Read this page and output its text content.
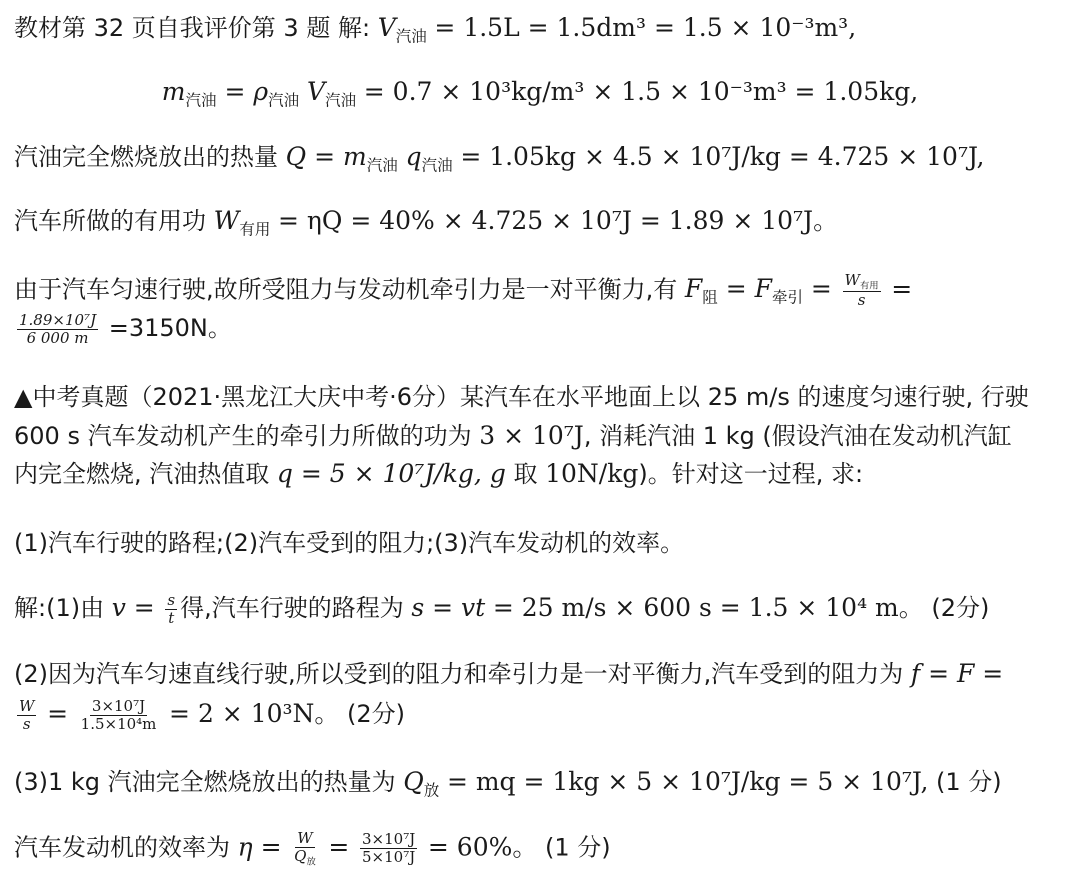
教材第 32 页自我评价第 3 题 解: $V_{汽油} = 1.5L = 1.5dm^3 = 1.5 \times 10^{-3}m^3$,
$m_{汽油} = \rho_{汽油}$ $V_{汽油} = 0.7 \times 10^3kg/m^3 \times 1.5 \times 10^{-3}m^3 = 1.05kg$,
汽油完全燃烧放出的热量 $Q = m_{汽油}$ $q_{汽油} = 1.05kg \times 4.5 \times 10^7J/kg = 4.725 \times 10^7J$,
汽车所做的有用功 $W_{有用} = \eta Q = 40\% \times 4.725 \times 10^7J = 1.89 \times 10^7J$。
由于汽车匀速行驶,故所受阻力与发动机牵引力是一对平衡力,有 $F_阻 = F_{牵引} = \frac{W_{有用}}{s}$ =
$\frac{\text{1.89×10⁷J}}{6 000 m} =3150N$。
▲中考真题（2021·黑龙江大庆中考·6分）某汽车在水平地面上以 25 m/s 的速度匀速行驶, 行驶
600 s 汽车发动机产生的牵引力所做的功为 3 × 10⁷J, 消耗汽油 1 kg (假设汽油在发动机汽缸
内完全燃烧, 汽油热值取 q = 5 × 10⁷J/kg, g 取 10N/kg)。针对这一过程, 求:
(1)汽车行驶的路程;(2)汽车受到的阻力;(3)汽车发动机的效率。
解:(1)由 $v = \frac{s}{t}$ 得,汽车行驶的路程为 s = vt = 25 m/s × 600 s = 1.5 × 10⁴ m。 (2分)
(2)因为汽车匀速直线行驶,所以受到的阻力和牵引力是一对平衡力,汽车受到的阻力为 f = F =
$\frac{W}{s} = \frac{\text{3×10⁷J}}{\text{1.5×10⁴m}} = 2 \times 10^3N$。 (2分)
(3)1 kg 汽油完全燃烧放出的热量为 $Q_放$ = mq = 1kg × 5 × 10⁷J/kg = 5 × 10⁷J, (1 分)
汽车发动机的效率为 $\eta = \frac{W}{Q_放} = \frac{\text{3×10⁷J}}{\text{5×10⁷J}} = 60\%$。 (1 分)
